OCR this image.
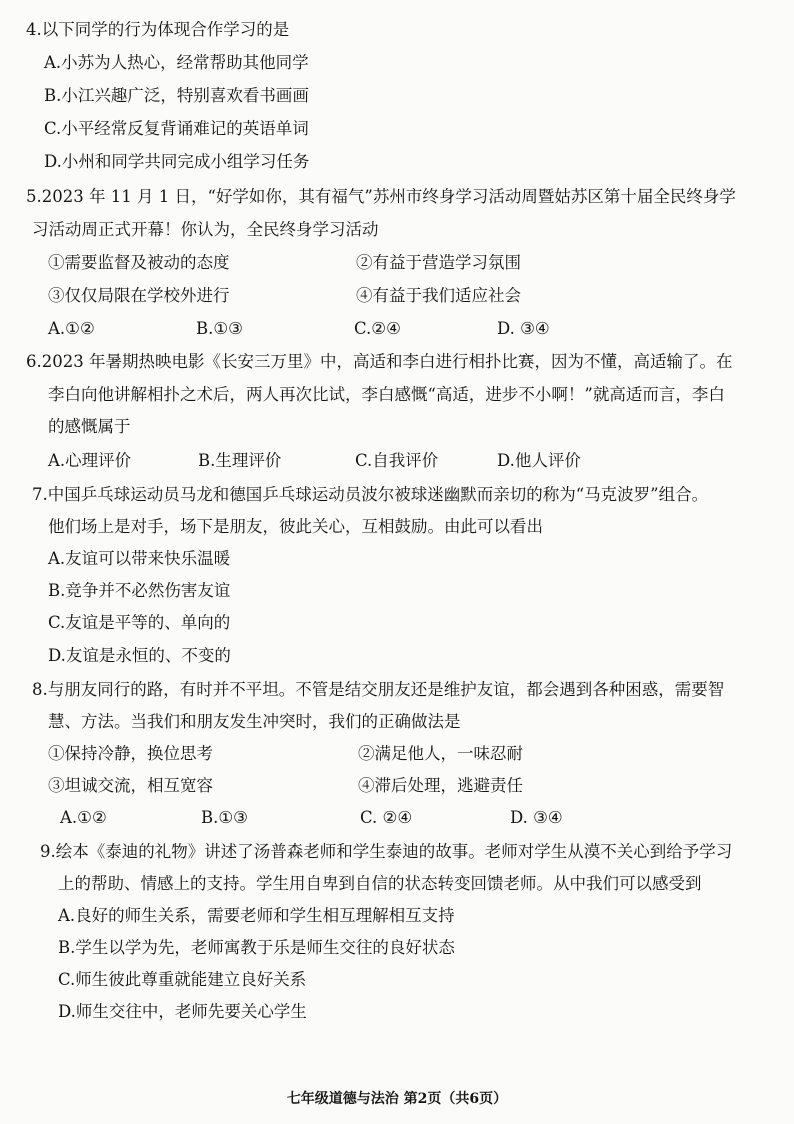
4.以下同学的行为体现合作学习的是
A.小苏为人热心，经常帮助其他同学
B.小江兴趣广泛，特别喜欢看书画画
C.小平经常反复背诵难记的英语单词
D.小州和同学共同完成小组学习任务
5.2023 年 11 月 1 日，“好学如你，其有福气”苏州市终身学习活动周暨姑苏区第十届全民终身学
习活动周正式开幕！你认为，全民终身学习活动
①需要监督及被动的态度	②有益于营造学习氛围
③仅仅局限在学校外进行	④有益于我们适应社会
A.①②	B.①③	C.②④	D. ③④
6.2023 年暑期热映电影《长安三万里》中，高适和李白进行相扑比赛，因为不懂，高适输了。在
李白向他讲解相扑之术后，两人再次比试，李白感慨“高适，进步不小啊！”就高适而言，李白
的感慨属于
A.心理评价	B.生理评价	C.自我评价	D.他人评价
7.中国乒乓球运动员马龙和德国乒乓球运动员波尔被球迷幽默而亲切的称为“马克波罗”组合。
他们场上是对手，场下是朋友，彼此关心，互相鼓励。由此可以看出
A.友谊可以带来快乐温暖
B.竞争并不必然伤害友谊
C.友谊是平等的、单向的
D.友谊是永恒的、不变的
8.与朋友同行的路，有时并不平坦。不管是结交朋友还是维护友谊，都会遇到各种困惑，需要智
慧、方法。当我们和朋友发生冲突时，我们的正确做法是
①保持冷静，换位思考	②满足他人，一味忍耐
③坦诚交流，相互宽容	④滞后处理，逃避责任
A.①②	B.①③	C. ②④	D. ③④
9.绘本《泰迪的礼物》讲述了汤普森老师和学生泰迪的故事。老师对学生从漠不关心到给予学习
上的帮助、情感上的支持。学生用自卑到自信的状态转变回馈老师。从中我们可以感受到
A.良好的师生关系，需要老师和学生相互理解相互支持
B.学生以学为先，老师寓教于乐是师生交往的良好状态
C.师生彼此尊重就能建立良好关系
D.师生交往中，老师先要关心学生
七年级道德与法治 第2页（共6页）
